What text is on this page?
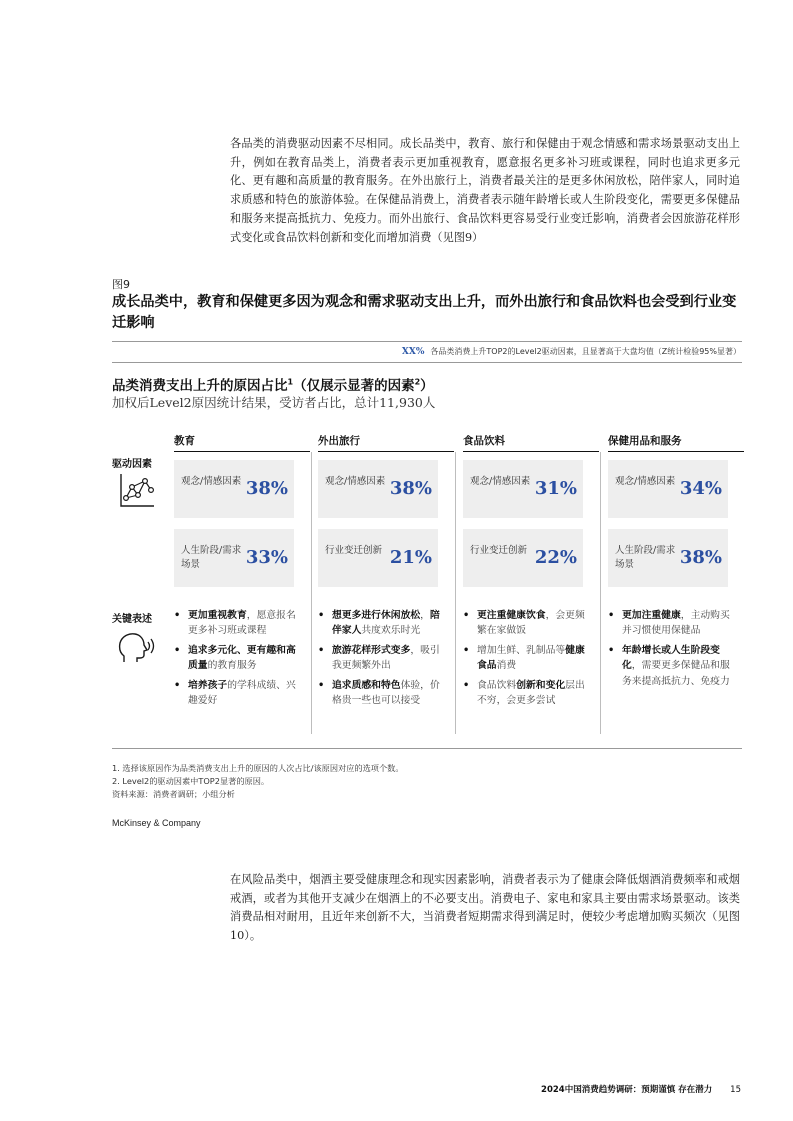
各品类的消费驱动因素不尽相同。成长品类中，教育、旅行和保健由于观念情感和需求场景驱动支出上升，例如在教育品类上，消费者表示更加重视教育，愿意报名更多补习班或课程，同时也追求更多元化、更有趣和高质量的教育服务。在外出旅行上，消费者最关注的是更多休闲放松，陪伴家人，同时追求质感和特色的旅游体验。在保健品消费上，消费者表示随年龄增长或人生阶段变化，需要更多保健品和服务来提高抵抗力、免疫力。而外出旅行、食品饮料更容易受行业变迁影响，消费者会因旅游花样形式变化或食品饮料创新和变化而增加消费（见图9）

图9
成长品类中，教育和保健更多因为观念和需求驱动支出上升，而外出旅行和食品饮料也会受到行业变迁影响
XX% 各品类消费上升TOP2的Level2驱动因素，且显著高于大盘均值（Z统计检验95%显著）
品类消费支出上升的原因占比$^1$（仅展示显著的因素$^2$）
加权后Level2原因统计结果，受访者占比，总计11,930人
驱动因素
关键表述
教育
观念/情感因素 38%
人生阶段/需求场景	33%
• 更加重视教育，愿意报名更多补习班或课程
• 追求多元化、更有趣和高质量的教育服务
• 培养孩子的学科成绩、兴趣爱好
外出旅行
观念/情感因素 38%
行业变迁创新 21%
• 想更多进行休闲放松，陪伴家人共度欢乐时光
• 旅游花样形式变多，吸引我更频繁外出
• 追求质感和特色体验，价格贵一些也可以接受
食品饮料
观念/情感因素 31%
行业变迁创新 22%
• 更注重健康饮食，会更频繁在家做饭
• 增加生鲜、乳制品等健康食品消费
• 食品饮料创新和变化层出不穷，会更多尝试
保健用品和服务
观念/情感因素 34%
人生阶段/需求场景	38%
• 更加注重健康，主动购买并习惯使用保健品
• 年龄增长或人生阶段变化，需要更多保健品和服务来提高抵抗力、免疫力
1. 选择该原因作为品类消费支出上升的原因的人次占比/该原因对应的选项个数。
2. Level2的驱动因素中TOP2显著的原因。
资料来源：消费者调研；小组分析
McKinsey & Company

在风险品类中，烟酒主要受健康理念和现实因素影响，消费者表示为了健康会降低烟酒消费频率和戒烟戒酒，或者为其他开支减少在烟酒上的不必要支出。消费电子、家电和家具主要由需求场景驱动。该类消费品相对耐用，且近年来创新不大，当消费者短期需求得到满足时，便较少考虑增加购买频次（见图10）。

2024中国消费趋势调研：预期谨慎 存在潜力 15
